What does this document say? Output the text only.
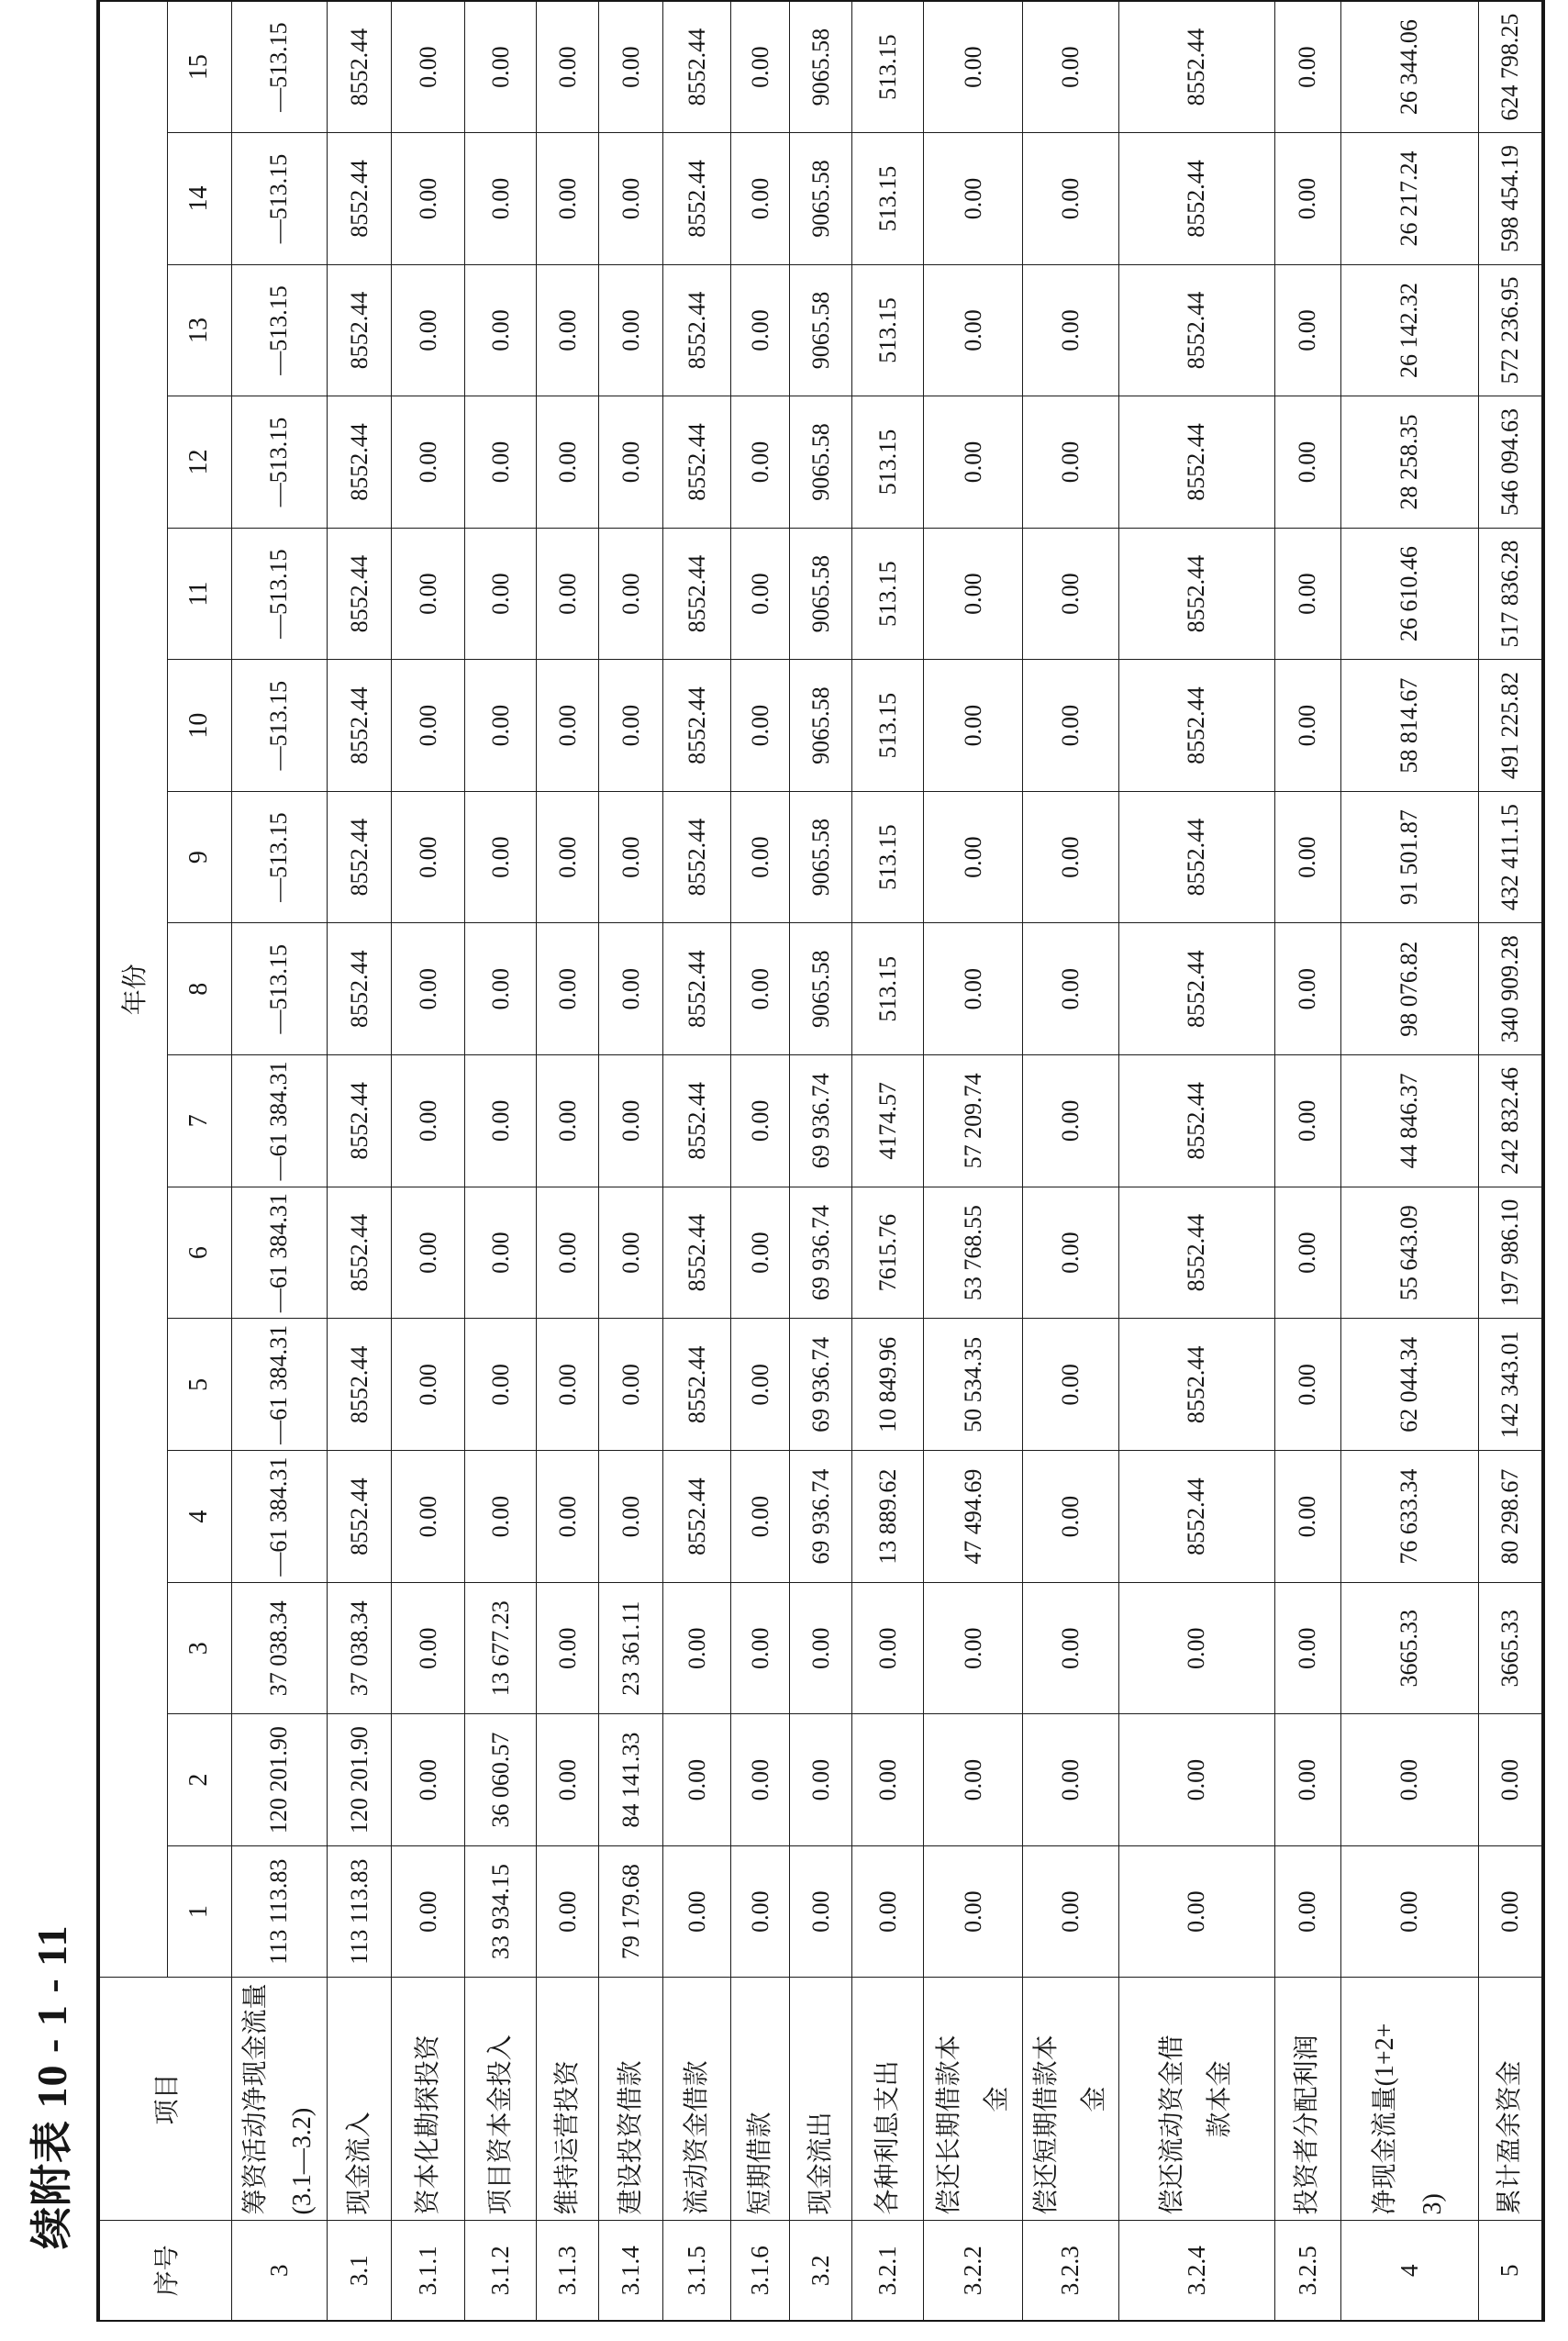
续附表 10 - 1 - 11
序号	项目	年份														
		1	2	3	4	5	6	7	8	9	10	11	12	13	14	15
3	筹资活动净现金流量 (3.1—3.2)	113 113.83	120 201.90	37 038.34	—61 384.31	—61 384.31	—61 384.31	—61 384.31	—513.15	—513.15	—513.15	—513.15	—513.15	—513.15	—513.15	—513.15
3.1	现金流入	113 113.83	120 201.90	37 038.34	8552.44	8552.44	8552.44	8552.44	8552.44	8552.44	8552.44	8552.44	8552.44	8552.44	8552.44	8552.44
3.1.1	资本化勘探投资	0.00	0.00	0.00	0.00	0.00	0.00	0.00	0.00	0.00	0.00	0.00	0.00	0.00	0.00	0.00
3.1.2	项目资本金投入	33 934.15	36 060.57	13 677.23	0.00	0.00	0.00	0.00	0.00	0.00	0.00	0.00	0.00	0.00	0.00	0.00
3.1.3	维持运营投资	0.00	0.00	0.00	0.00	0.00	0.00	0.00	0.00	0.00	0.00	0.00	0.00	0.00	0.00	0.00
3.1.4	建设投资借款	79 179.68	84 141.33	23 361.11	0.00	0.00	0.00	0.00	0.00	0.00	0.00	0.00	0.00	0.00	0.00	0.00
3.1.5	流动资金借款	0.00	0.00	0.00	8552.44	8552.44	8552.44	8552.44	8552.44	8552.44	8552.44	8552.44	8552.44	8552.44	8552.44	8552.44
3.1.6	短期借款	0.00	0.00	0.00	0.00	0.00	0.00	0.00	0.00	0.00	0.00	0.00	0.00	0.00	0.00	0.00
3.2	现金流出	0.00	0.00	0.00	69 936.74	69 936.74	69 936.74	69 936.74	9065.58	9065.58	9065.58	9065.58	9065.58	9065.58	9065.58	9065.58
3.2.1	各种利息支出	0.00	0.00	0.00	13 889.62	10 849.96	7615.76	4174.57	513.15	513.15	513.15	513.15	513.15	513.15	513.15	513.15
3.2.2	偿还长期借款本 金	0.00	0.00	0.00	47 494.69	50 534.35	53 768.55	57 209.74	0.00	0.00	0.00	0.00	0.00	0.00	0.00	0.00
3.2.3	偿还短期借款本 金	0.00	0.00	0.00	0.00	0.00	0.00	0.00	0.00	0.00	0.00	0.00	0.00	0.00	0.00	0.00
3.2.4	偿还流动资金借 款本金	0.00	0.00	0.00	8552.44	8552.44	8552.44	8552.44	8552.44	8552.44	8552.44	8552.44	8552.44	8552.44	8552.44	8552.44
3.2.5	投资者分配利润	0.00	0.00	0.00	0.00	0.00	0.00	0.00	0.00	0.00	0.00	0.00	0.00	0.00	0.00	0.00
4	净现金流量(1+2+ 3)	0.00	0.00	3665.33	76 633.34	62 044.34	55 643.09	44 846.37	98 076.82	91 501.87	58 814.67	26 610.46	28 258.35	26 142.32	26 217.24	26 344.06
5	累计盈余资金	0.00	0.00	3665.33	80 298.67	142 343.01	197 986.10	242 832.46	340 909.28	432 411.15	491 225.82	517 836.28	546 094.63	572 236.95	598 454.19	624 798.25
